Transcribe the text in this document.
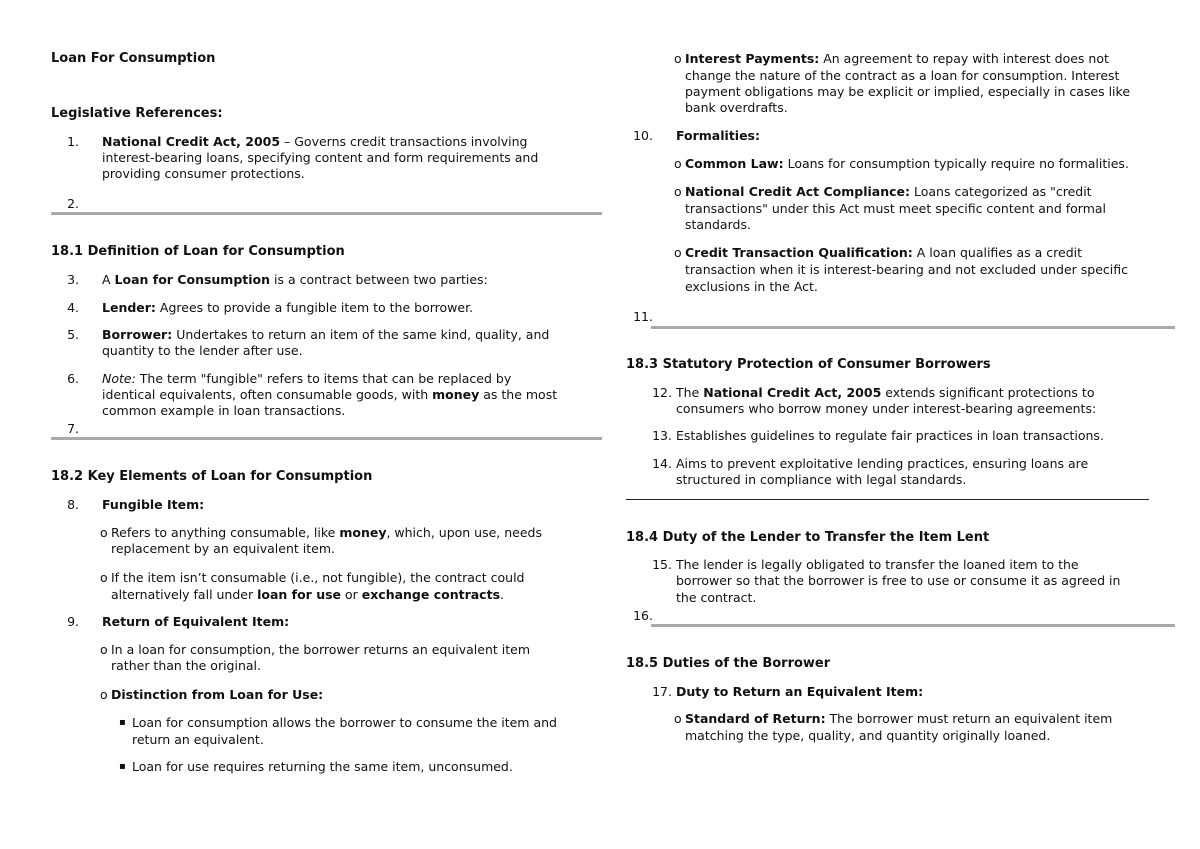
Loan For Consumption
Legislative References:
1. National Credit Act, 2005 – Governs credit transactions involving
interest-bearing loans, specifying content and form requirements and
providing consumer protections.
2.
18.1 Definition of Loan for Consumption
3. A Loan for Consumption is a contract between two parties:
4. Lender: Agrees to provide a fungible item to the borrower.
5. Borrower: Undertakes to return an item of the same kind, quality, and
quantity to the lender after use.
6. Note: The term "fungible" refers to items that can be replaced by
identical equivalents, often consumable goods, with money as the most
common example in loan transactions.
7.
18.2 Key Elements of Loan for Consumption
8. Fungible Item:
o Refers to anything consumable, like money, which, upon use, needs
replacement by an equivalent item.
o If the item isn’t consumable (i.e., not fungible), the contract could
alternatively fall under loan for use or exchange contracts.
9. Return of Equivalent Item:
o In a loan for consumption, the borrower returns an equivalent item
rather than the original.
o Distinction from Loan for Use:
▪ Loan for consumption allows the borrower to consume the item and
return an equivalent.
▪ Loan for use requires returning the same item, unconsumed.
o Interest Payments: An agreement to repay with interest does not
change the nature of the contract as a loan for consumption. Interest
payment obligations may be explicit or implied, especially in cases like
bank overdrafts.
10. Formalities:
o Common Law: Loans for consumption typically require no formalities.
o National Credit Act Compliance: Loans categorized as "credit
transactions" under this Act must meet specific content and formal
standards.
o Credit Transaction Qualification: A loan qualifies as a credit
transaction when it is interest-bearing and not excluded under specific
exclusions in the Act.
11.
18.3 Statutory Protection of Consumer Borrowers
12. The National Credit Act, 2005 extends significant protections to
consumers who borrow money under interest-bearing agreements:
13. Establishes guidelines to regulate fair practices in loan transactions.
14. Aims to prevent exploitative lending practices, ensuring loans are
structured in compliance with legal standards.
18.4 Duty of the Lender to Transfer the Item Lent
15. The lender is legally obligated to transfer the loaned item to the
borrower so that the borrower is free to use or consume it as agreed in
the contract.
16.
18.5 Duties of the Borrower
17. Duty to Return an Equivalent Item:
o Standard of Return: The borrower must return an equivalent item
matching the type, quality, and quantity originally loaned.
